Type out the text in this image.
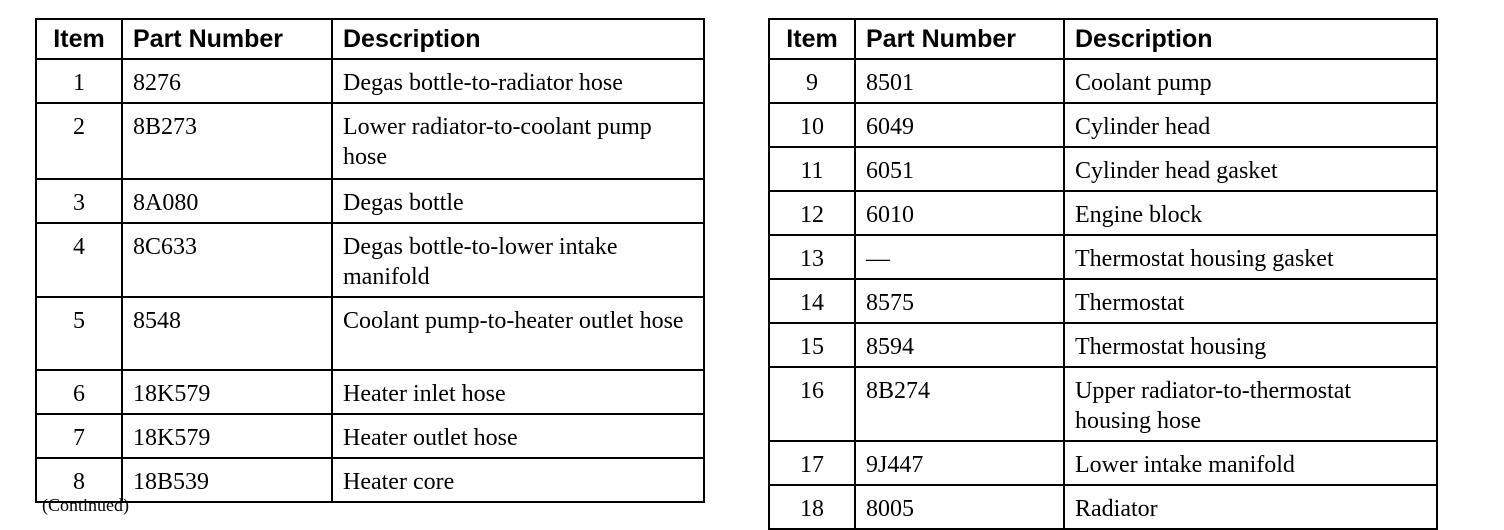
Item	Part Number	Description
1	8276	Degas bottle-to-radiator hose
2	8B273	Lower radiator-to-coolant pump hose
3	8A080	Degas bottle
4	8C633	Degas bottle-to-lower intake manifold
5	8548	Coolant pump-to-heater outlet hose
6	18K579	Heater inlet hose
7	18K579	Heater outlet hose
8	18B539	Heater core
(Continued)
Item	Part Number	Description
9	8501	Coolant pump
10	6049	Cylinder head
11	6051	Cylinder head gasket
12	6010	Engine block
13	—	Thermostat housing gasket
14	8575	Thermostat
15	8594	Thermostat housing
16	8B274	Upper radiator-to-thermostat housing hose
17	9J447	Lower intake manifold
18	8005	Radiator
